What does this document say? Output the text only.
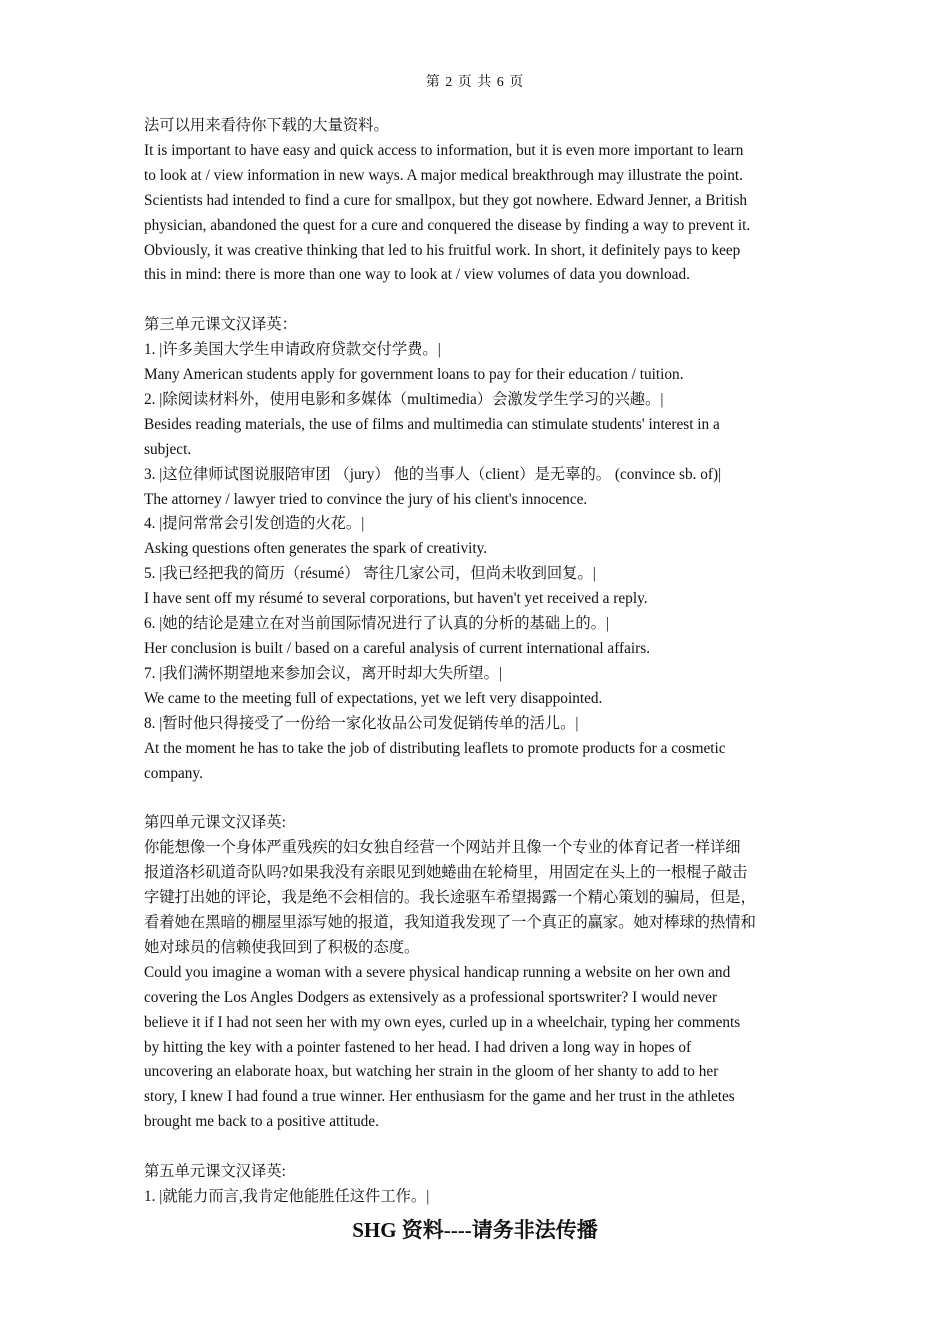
第 2 页 共 6 页
法可以用来看待你下载的大量资料。
It is important to have easy and quick access to information, but it is even more important to learn
to look at / view information in new ways. A major medical breakthrough may illustrate the point.
Scientists had intended to find a cure for smallpox, but they got nowhere. Edward Jenner, a British
physician, abandoned the quest for a cure and conquered the disease by finding a way to prevent it.
Obviously, it was creative thinking that led to his fruitful work. In short, it definitely pays to keep
this in mind: there is more than one way to look at / view volumes of data you download.
第三单元课文汉译英：
1. |许多美国大学生申请政府贷款交付学费。|
Many American students apply for government loans to pay for their education / tuition.
2. |除阅读材料外，使用电影和多媒体（multimedia）会激发学生学习的兴趣。|
Besides reading materials, the use of films and multimedia can stimulate students' interest in a
subject.
3. |这位律师试图说服陪审团 （jury） 他的当事人（client）是无辜的。 (convince sb. of)|
The attorney / lawyer tried to convince the jury of his client's innocence.
4. |提问常常会引发创造的火花。|
Asking questions often generates the spark of creativity.
5. |我已经把我的简历（résumé） 寄往几家公司，但尚未收到回复。|
I have sent off my résumé to several corporations, but haven't yet received a reply.
6. |她的结论是建立在对当前国际情况进行了认真的分析的基础上的。|
Her conclusion is built / based on a careful analysis of current international affairs.
7. |我们满怀期望地来参加会议，离开时却大失所望。|
We came to the meeting full of expectations, yet we left very disappointed.
8. |暂时他只得接受了一份给一家化妆品公司发促销传单的活儿。|
At the moment he has to take the job of distributing leaflets to promote products for a cosmetic
company.
第四单元课文汉译英:
你能想像一个身体严重残疾的妇女独自经营一个网站并且像一个专业的体育记者一样详细
报道洛杉矶道奇队吗?如果我没有亲眼见到她蜷曲在轮椅里，用固定在头上的一根棍子敲击
字键打出她的评论，我是绝不会相信的。我长途驱车希望揭露一个精心策划的骗局，但是，
看着她在黑暗的棚屋里添写她的报道，我知道我发现了一个真正的赢家。她对棒球的热情和
她对球员的信赖使我回到了积极的态度。
Could you imagine a woman with a severe physical handicap running a website on her own and
covering the Los Angles Dodgers as extensively as a professional sportswriter? I would never
believe it if I had not seen her with my own eyes, curled up in a wheelchair, typing her comments
by hitting the key with a pointer fastened to her head. I had driven a long way in hopes of
uncovering an elaborate hoax, but watching her strain in the gloom of her shanty to add to her
story, I knew I had found a true winner. Her enthusiasm for the game and her trust in the athletes
brought me back to a positive attitude.
第五单元课文汉译英:
1. |就能力而言,我肯定他能胜任这件工作。|
SHG 资料----请务非法传播
